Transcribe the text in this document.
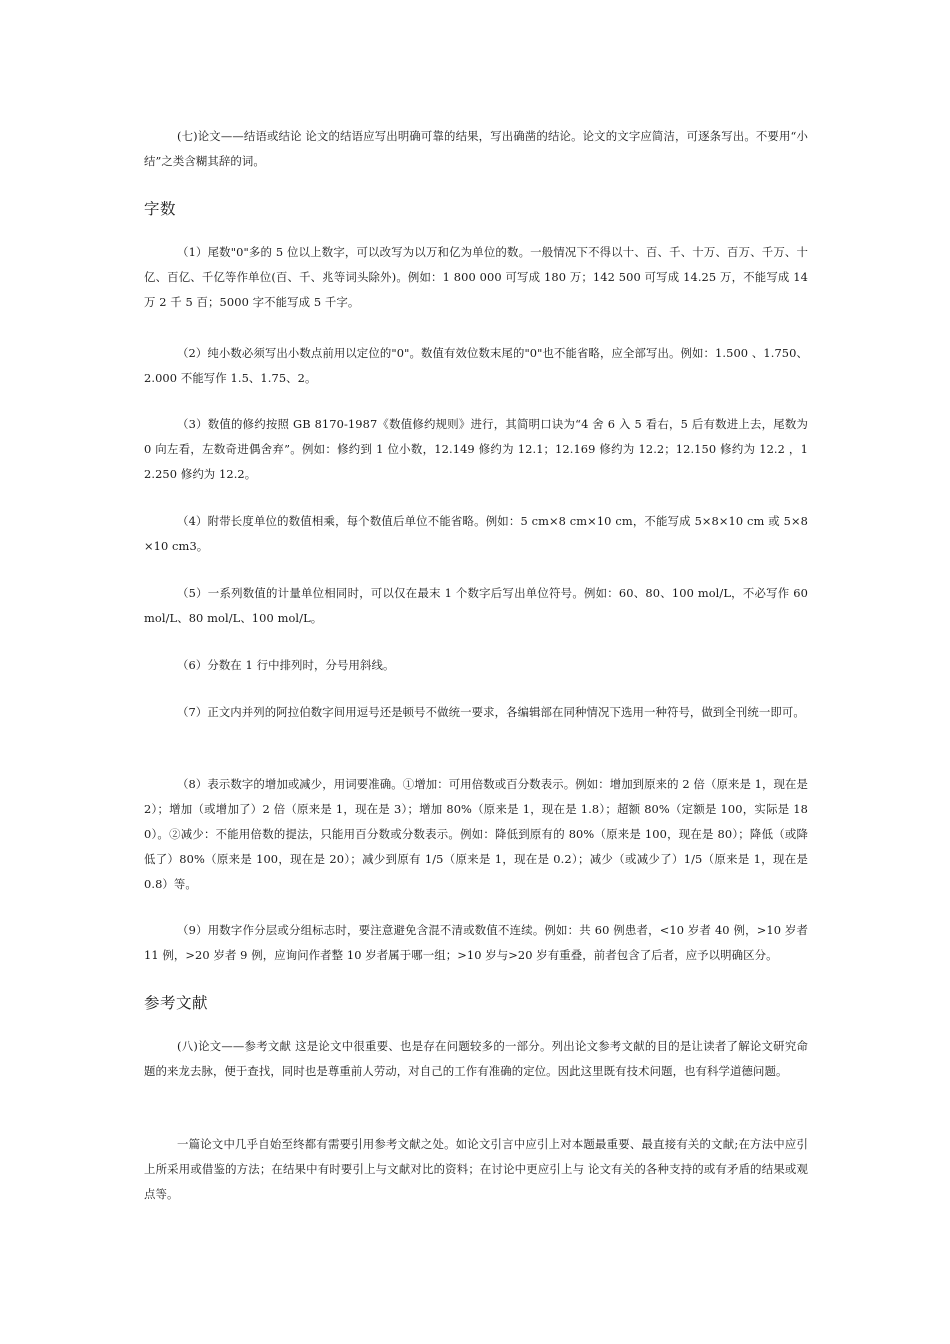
(七)论文——结语或结论 论文的结语应写出明确可靠的结果，写出确凿的结论。论文的文字应简洁，可逐条写出。不要用“小结”之类含糊其辞的词。

字数

（1）尾数"0"多的 5 位以上数字，可以改写为以万和亿为单位的数。一般情况下不得以十、百、千、十万、百万、千万、十亿、百亿、千亿等作单位(百、千、兆等词头除外)。例如：1 800 000 可写成 180 万；142 500 可写成 14.25 万，不能写成 14 万 2 千 5 百；5000 字不能写成 5 千字。

（2）纯小数必须写出小数点前用以定位的"0"。数值有效位数末尾的"0"也不能省略，应全部写出。例如：1.500 、1.750、2.000 不能写作 1.5、1.75、2。

（3）数值的修约按照 GB 8170-1987《数值修约规则》进行，其简明口诀为“4 舍 6 入 5 看右，5 后有数进上去，尾数为 0 向左看，左数奇进偶舍弃”。例如：修约到 1 位小数，12.149 修约为 12.1；12.169 修约为 12.2；12.150 修约为 12.2 ，12.250 修约为 12.2。

（4）附带长度单位的数值相乘，每个数值后单位不能省略。例如：5 cm×8 cm×10 cm，不能写成 5×8×10 cm 或 5×8×10 cm3。

（5）一系列数值的计量单位相同时，可以仅在最末 1 个数字后写出单位符号。例如：60、80、100 mol/L，不必写作 60 mol/L、80 mol/L、100 mol/L。

（6）分数在 1 行中排列时，分号用斜线。

（7）正文内并列的阿拉伯数字间用逗号还是顿号不做统一要求，各编辑部在同种情况下选用一种符号，做到全刊统一即可。

（8）表示数字的增加或减少，用词要准确。①增加：可用倍数或百分数表示。例如：增加到原来的 2 倍（原来是 1，现在是 2）；增加（或增加了）2 倍（原来是 1，现在是 3）；增加 80%（原来是 1，现在是 1.8）；超额 80%（定额是 100，实际是 180）。②减少：不能用倍数的提法，只能用百分数或分数表示。例如：降低到原有的 80%（原来是 100，现在是 80）；降低（或降低了）80%（原来是 100，现在是 20）；减少到原有 1/5（原来是 1，现在是 0.2）；减少（或减少了）1/5（原来是 1，现在是 0.8）等。

（9）用数字作分层或分组标志时，要注意避免含混不清或数值不连续。例如：共 60 例患者，<10 岁者 40 例，>10 岁者 11 例，>20 岁者 9 例，应询问作者整 10 岁者属于哪一组；>10 岁与>20 岁有重叠，前者包含了后者，应予以明确区分。

参考文献

(八)论文——参考文献 这是论文中很重要、也是存在问题较多的一部分。列出论文参考文献的目的是让读者了解论文研究命题的来龙去脉，便于查找，同时也是尊重前人劳动，对自己的工作有准确的定位。因此这里既有技术问题，也有科学道德问题。

一篇论文中几乎自始至终都有需要引用参考文献之处。如论文引言中应引上对本题最重要、最直接有关的文献;在方法中应引上所采用或借鉴的方法；在结果中有时要引上与文献对比的资料；在讨论中更应引上与 论文有关的各种支持的或有矛盾的结果或观点等。
